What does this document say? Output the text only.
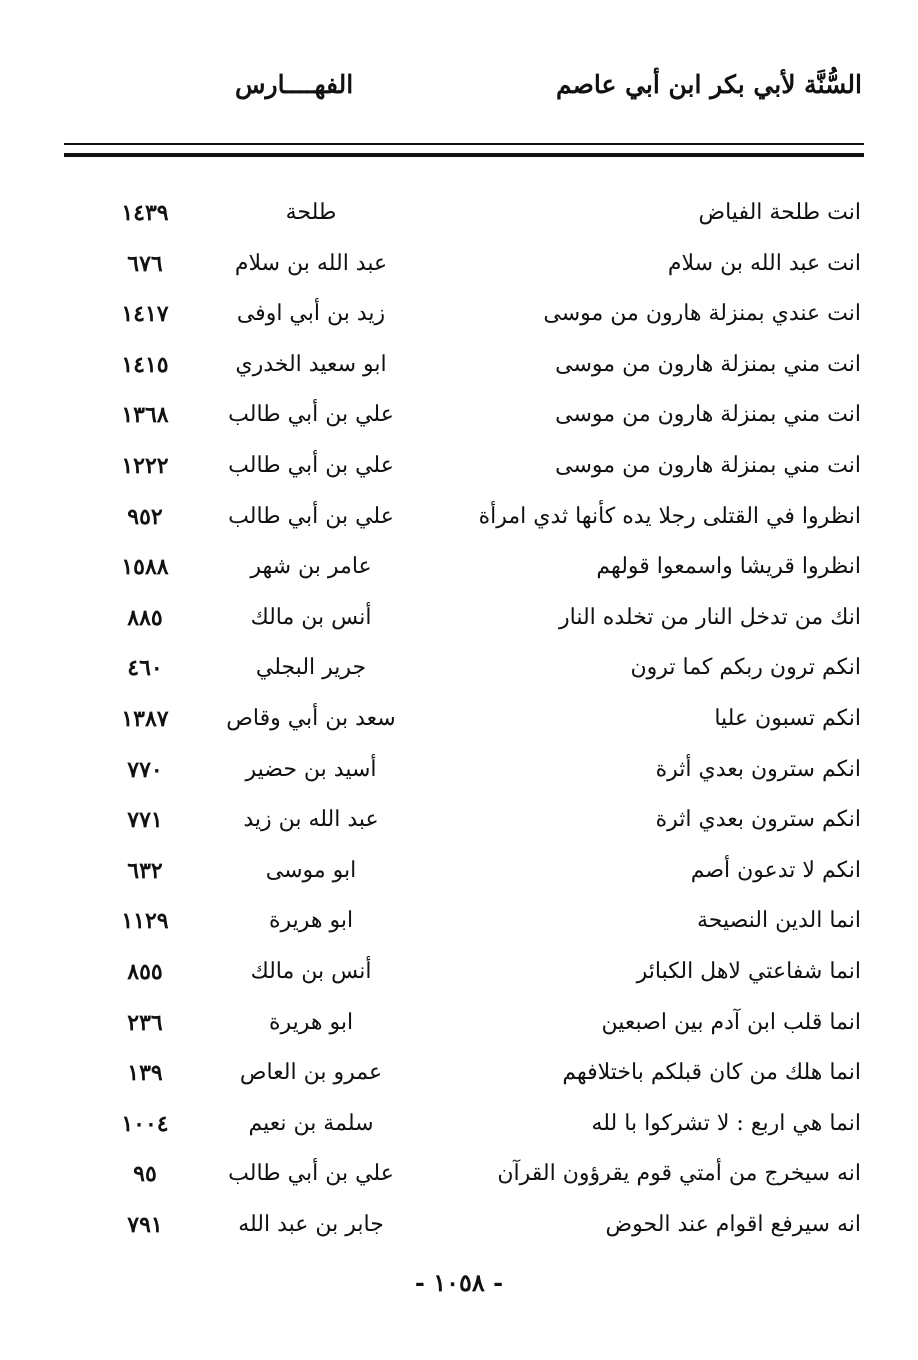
السُّنَّة لأبي بكر ابن أبي عاصم
الفهــــارس
انت طلحة الفياض
طلحة
١٤٣٩
انت عبد الله بن سلام
عبد الله بن سلام
٦٧٦
انت عندي بمنزلة هارون من موسى
زيد بن أبي اوفى
١٤١٧
انت مني بمنزلة هارون من موسى
ابو سعيد الخدري
١٤١٥
انت مني بمنزلة هارون من موسى
علي بن أبي طالب
١٣٦٨
انت مني بمنزلة هارون من موسى
علي بن أبي طالب
١٢٢٢
انظروا في القتلى رجلا يده كأنها ثدي امرأة
علي بن أبي طالب
٩٥٢
انظروا قريشا واسمعوا قولهم
عامر بن شهر
١٥٨٨
انك من تدخل النار من تخلده النار
أنس بن مالك
٨٨٥
انكم ترون ربكم كما ترون
جرير البجلي
٤٦٠
انكم تسبون عليا
سعد بن أبي وقاص
١٣٨٧
انكم سترون بعدي أثرة
أسيد بن حضير
٧٧٠
انكم سترون بعدي اثرة
عبد الله بن زيد
٧٧١
انكم لا تدعون أصم
ابو موسى
٦٣٢
انما الدين النصيحة
ابو هريرة
١١٢٩
انما شفاعتي لاهل الكبائر
أنس بن مالك
٨٥٥
انما قلب ابن آدم بين اصبعين
ابو هريرة
٢٣٦
انما هلك من كان قبلكم باختلافهم
عمرو بن العاص
١٣٩
انما هي اربع : لا تشركوا با لله
سلمة بن نعيم
١٠٠٤
انه سيخرج من أمتي قوم يقرؤون القرآن
علي بن أبي طالب
٩٥
انه سيرفع اقوام عند الحوض
جابر بن عبد الله
٧٩١
- ١٠٥٨ -
